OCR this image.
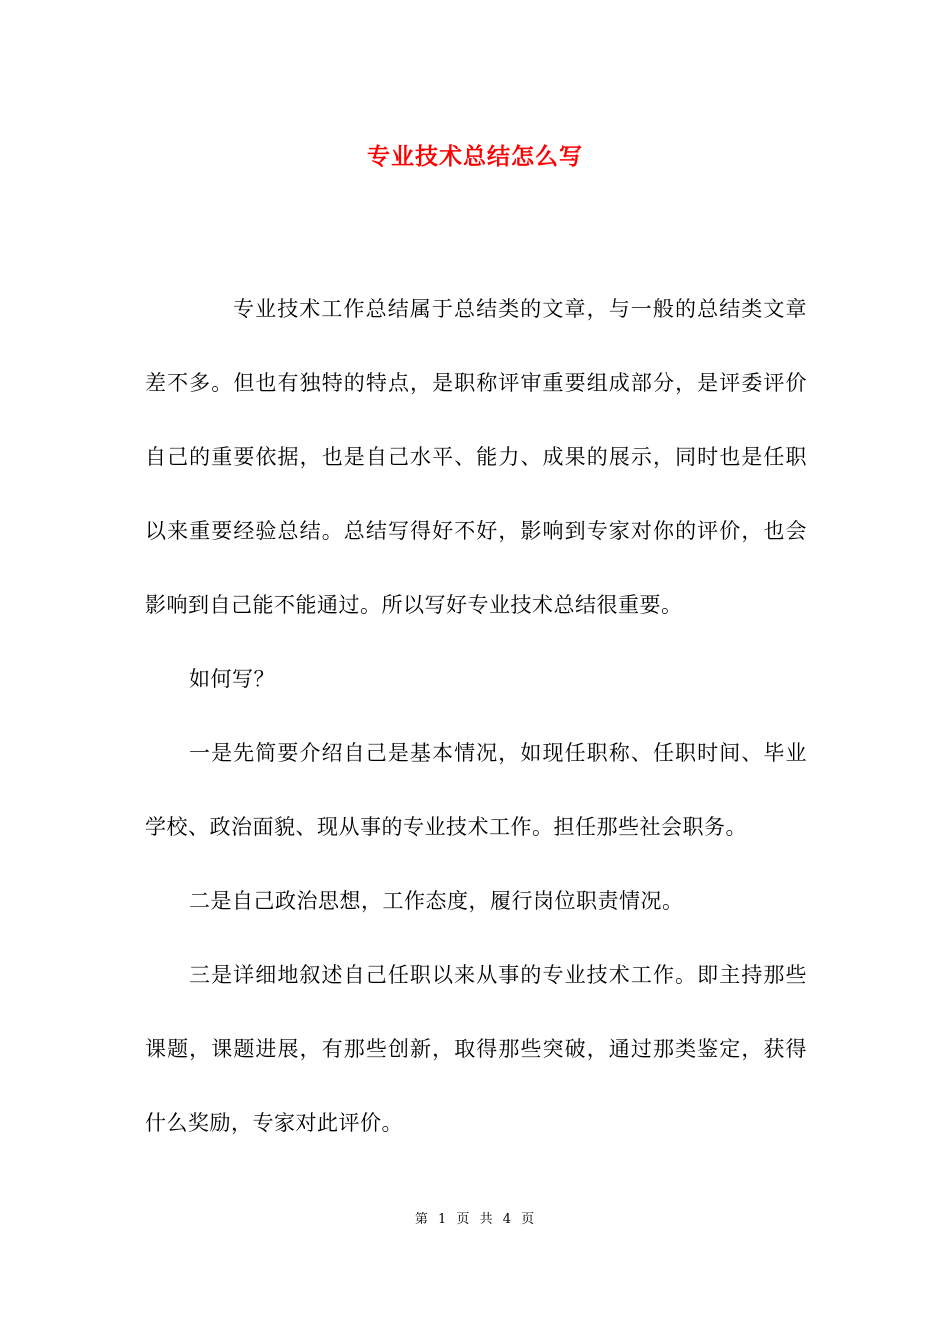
专业技术总结怎么写

专业技术工作总结属于总结类的文章，与一般的总结类文章差不多。但也有独特的特点，是职称评审重要组成部分，是评委评价自己的重要依据，也是自己水平、能力、成果的展示，同时也是任职以来重要经验总结。总结写得好不好，影响到专家对你的评价，也会影响到自己能不能通过。所以写好专业技术总结很重要。

如何写？

一是先简要介绍自己是基本情况，如现任职称、任职时间、毕业学校、政治面貌、现从事的专业技术工作。担任那些社会职务。

二是自己政治思想，工作态度，履行岗位职责情况。

三是详细地叙述自己任职以来从事的专业技术工作。即主持那些课题，课题进展，有那些创新，取得那些突破，通过那类鉴定，获得什么奖励，专家对此评价。

第 1 页 共 4 页
